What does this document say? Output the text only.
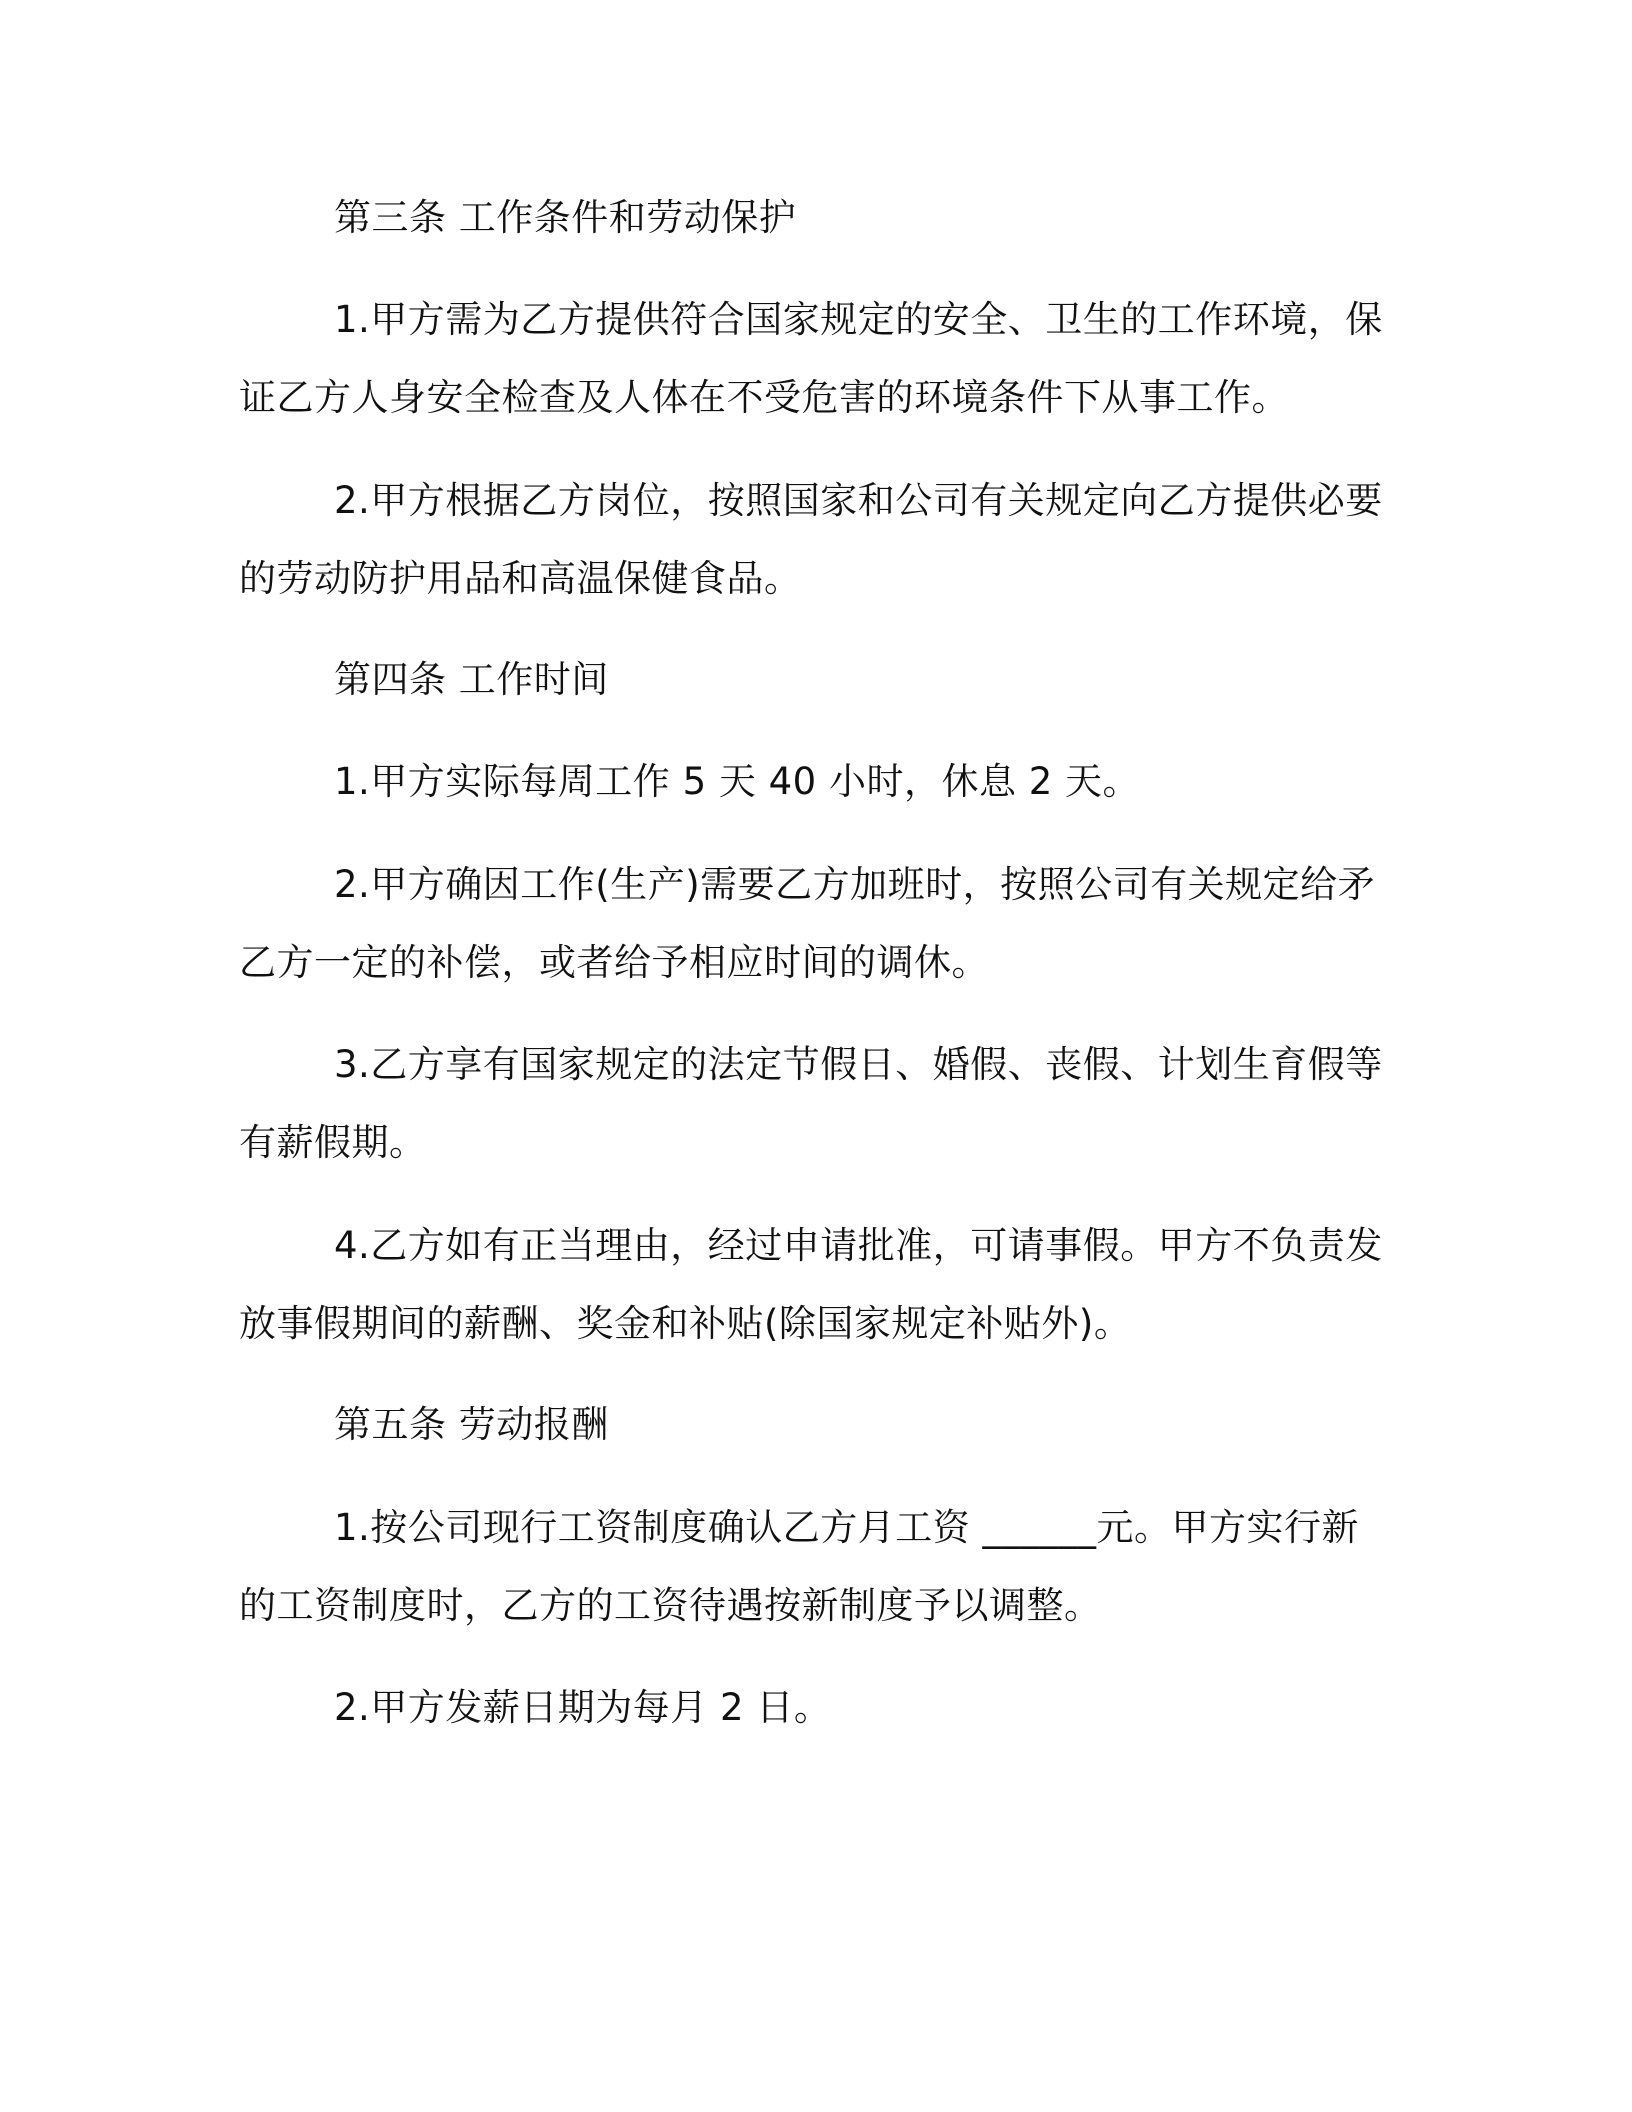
第三条 工作条件和劳动保护
1.甲方需为乙方提供符合国家规定的安全、卫生的工作环境，保
证乙方人身安全检查及人体在不受危害的环境条件下从事工作。
2.甲方根据乙方岗位，按照国家和公司有关规定向乙方提供必要
的劳动防护用品和高温保健食品。
第四条 工作时间
1.甲方实际每周工作 5 天 40 小时，休息 2 天。
2.甲方确因工作(生产)需要乙方加班时，按照公司有关规定给矛
乙方一定的补偿，或者给予相应时间的调休。
3.乙方享有国家规定的法定节假日、婚假、丧假、计划生育假等
有薪假期。
4.乙方如有正当理由，经过申请批准，可请事假。甲方不负责发
放事假期间的薪酬、奖金和补贴(除国家规定补贴外)。
第五条 劳动报酬
1.按公司现行工资制度确认乙方月工资 ______元。甲方实行新
的工资制度时，乙方的工资待遇按新制度予以调整。
2.甲方发薪日期为每月 2 日。
